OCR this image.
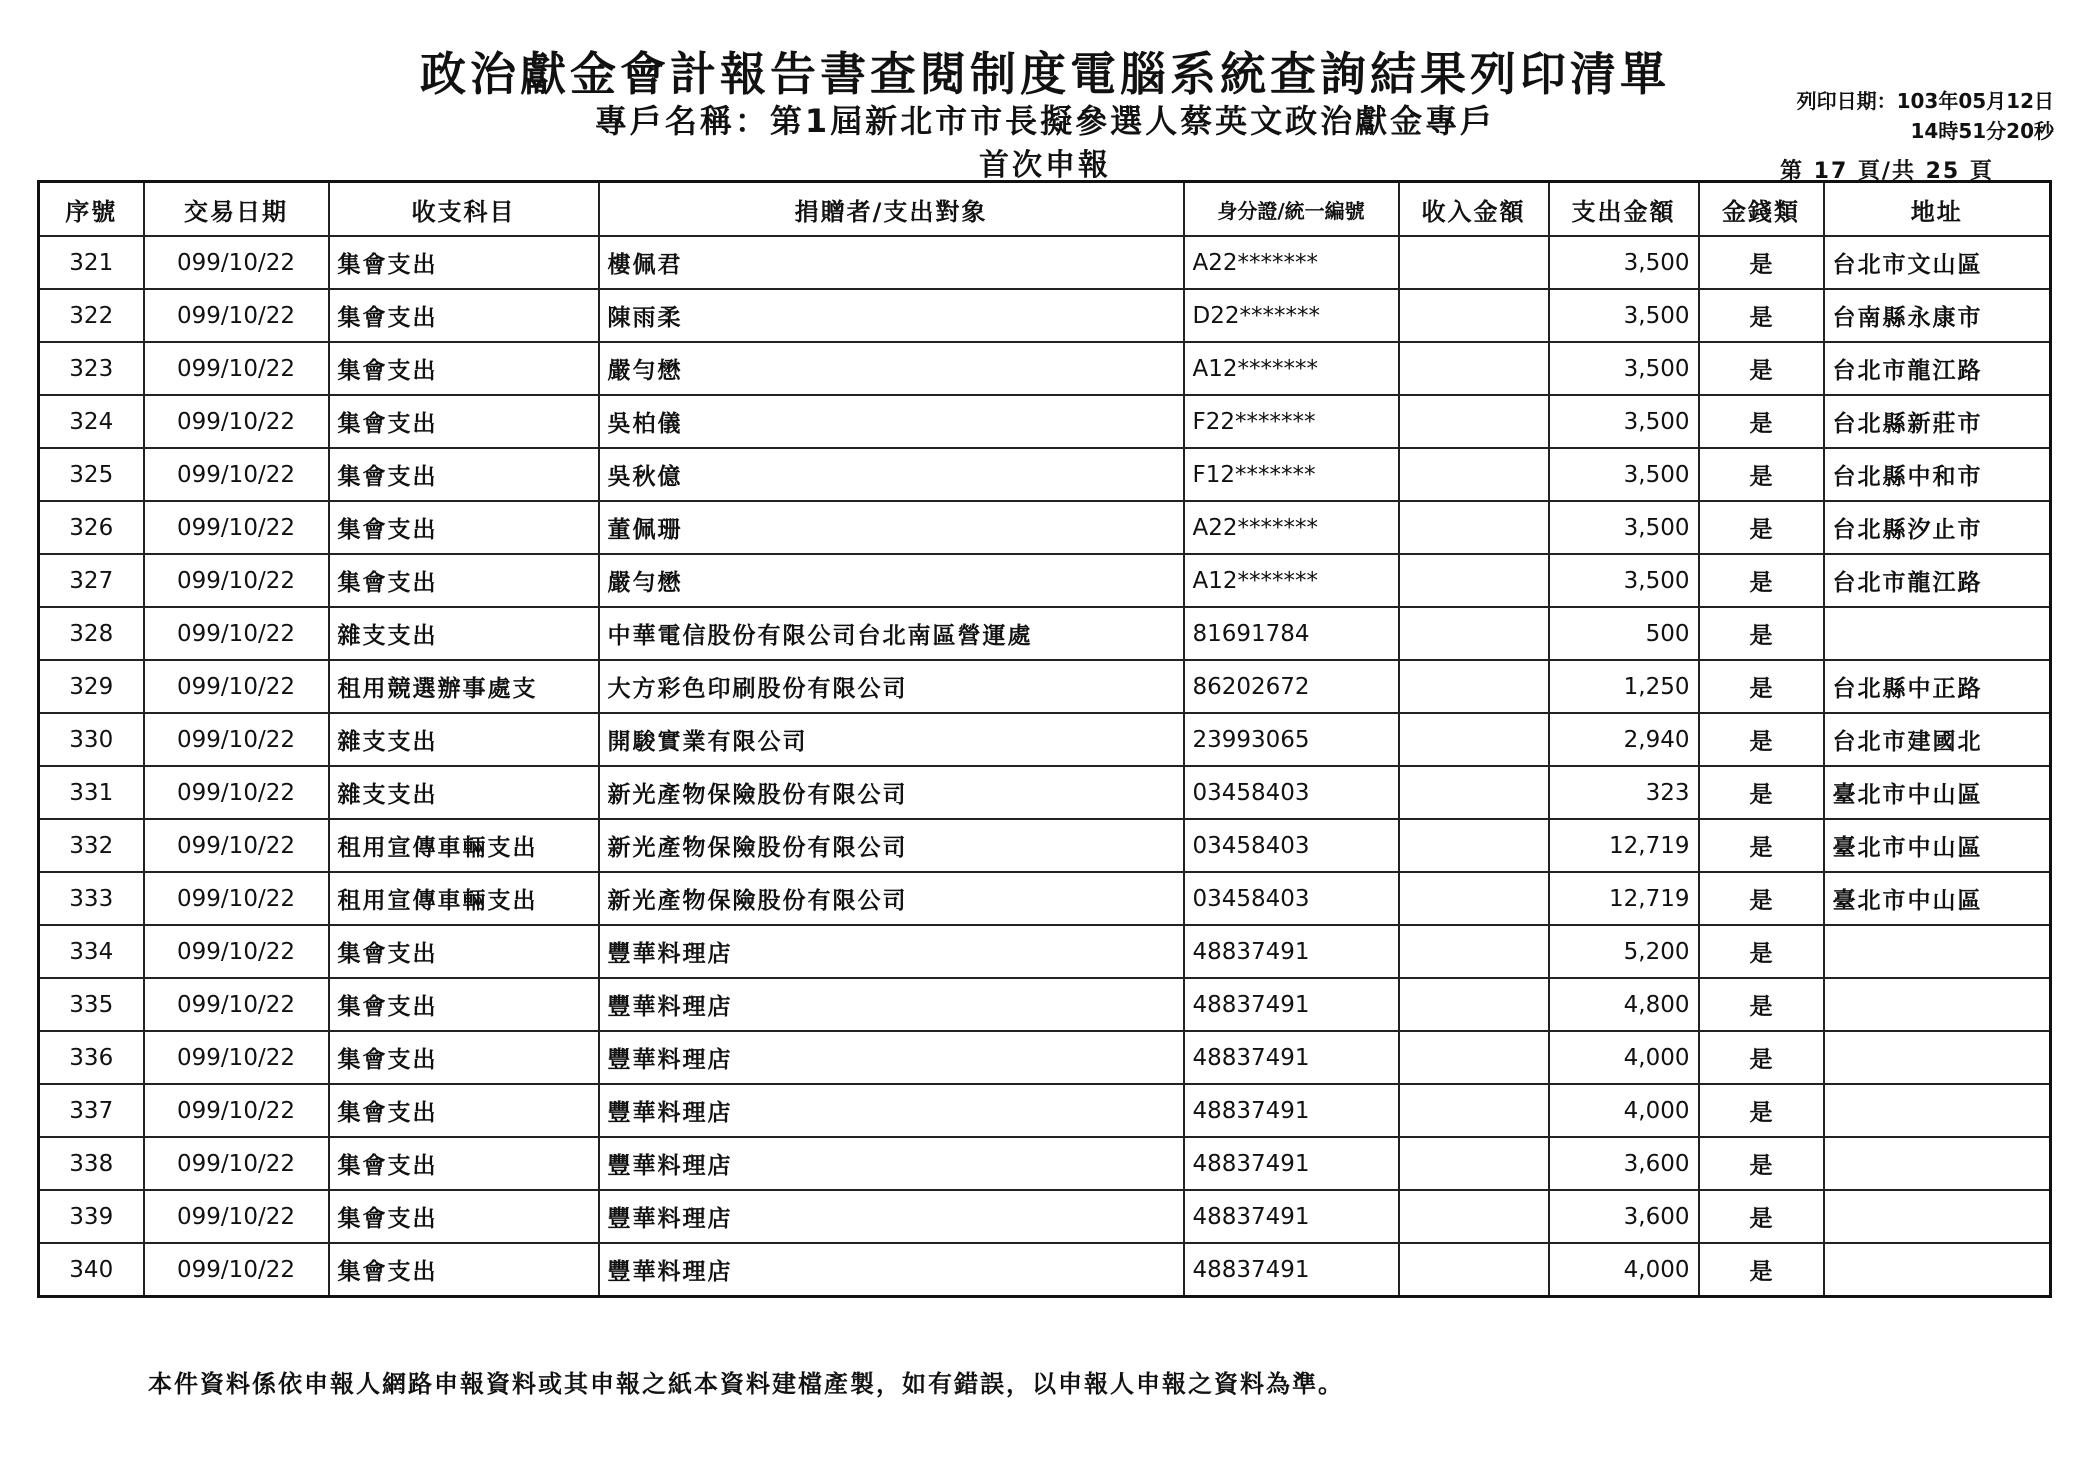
政治獻金會計報告書查閱制度電腦系統查詢結果列印清單
專戶名稱：第1屆新北市市長擬參選人蔡英文政治獻金專戶
首次申報
列印日期：103年05月12日
14時51分20秒
第 17 頁/共 25 頁
序號	交易日期	收支科目	捐贈者/支出對象	身分證/統一編號	收入金額	支出金額	金錢類	地址
321	099/10/22	集會支出	樓佩君	A22*******		3,500	是	台北市文山區
322	099/10/22	集會支出	陳雨柔	D22*******		3,500	是	台南縣永康市
323	099/10/22	集會支出	嚴勻懋	A12*******		3,500	是	台北市龍江路
324	099/10/22	集會支出	吳柏儀	F22*******		3,500	是	台北縣新莊市
325	099/10/22	集會支出	吳秋億	F12*******		3,500	是	台北縣中和市
326	099/10/22	集會支出	董佩珊	A22*******		3,500	是	台北縣汐止市
327	099/10/22	集會支出	嚴勻懋	A12*******		3,500	是	台北市龍江路
328	099/10/22	雜支支出	中華電信股份有限公司台北南區營運處	81691784		500	是	
329	099/10/22	租用競選辦事處支	大方彩色印刷股份有限公司	86202672		1,250	是	台北縣中正路
330	099/10/22	雜支支出	開駿實業有限公司	23993065		2,940	是	台北市建國北
331	099/10/22	雜支支出	新光產物保險股份有限公司	03458403		323	是	臺北市中山區
332	099/10/22	租用宣傳車輛支出	新光產物保險股份有限公司	03458403		12,719	是	臺北市中山區
333	099/10/22	租用宣傳車輛支出	新光產物保險股份有限公司	03458403		12,719	是	臺北市中山區
334	099/10/22	集會支出	豐華料理店	48837491		5,200	是	
335	099/10/22	集會支出	豐華料理店	48837491		4,800	是	
336	099/10/22	集會支出	豐華料理店	48837491		4,000	是	
337	099/10/22	集會支出	豐華料理店	48837491		4,000	是	
338	099/10/22	集會支出	豐華料理店	48837491		3,600	是	
339	099/10/22	集會支出	豐華料理店	48837491		3,600	是	
340	099/10/22	集會支出	豐華料理店	48837491		4,000	是	
本件資料係依申報人網路申報資料或其申報之紙本資料建檔產製，如有錯誤，以申報人申報之資料為準。
